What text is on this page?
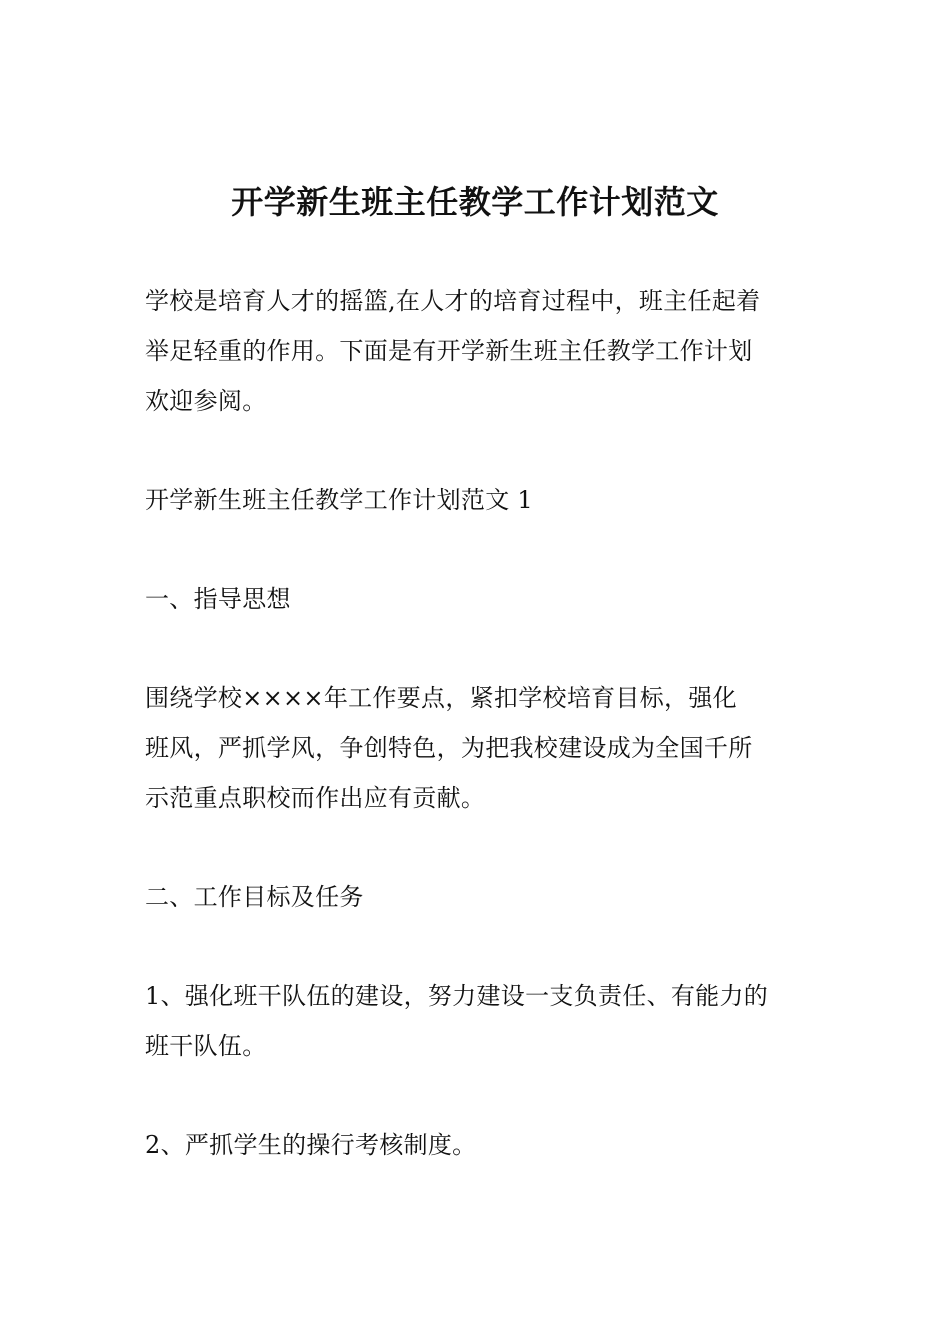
开学新生班主任教学工作计划范文

学校是培育人才的摇篮,在人才的培育过程中，班主任起着
举足轻重的作用。下面是有开学新生班主任教学工作计划
欢迎参阅。

开学新生班主任教学工作计划范文 1

一、指导思想

围绕学校××××年工作要点，紧扣学校培育目标，强化
班风，严抓学风，争创特色，为把我校建设成为全国千所
示范重点职校而作出应有贡献。

二、工作目标及任务

1、强化班干队伍的建设，努力建设一支负责任、有能力的
班干队伍。

2、严抓学生的操行考核制度。
